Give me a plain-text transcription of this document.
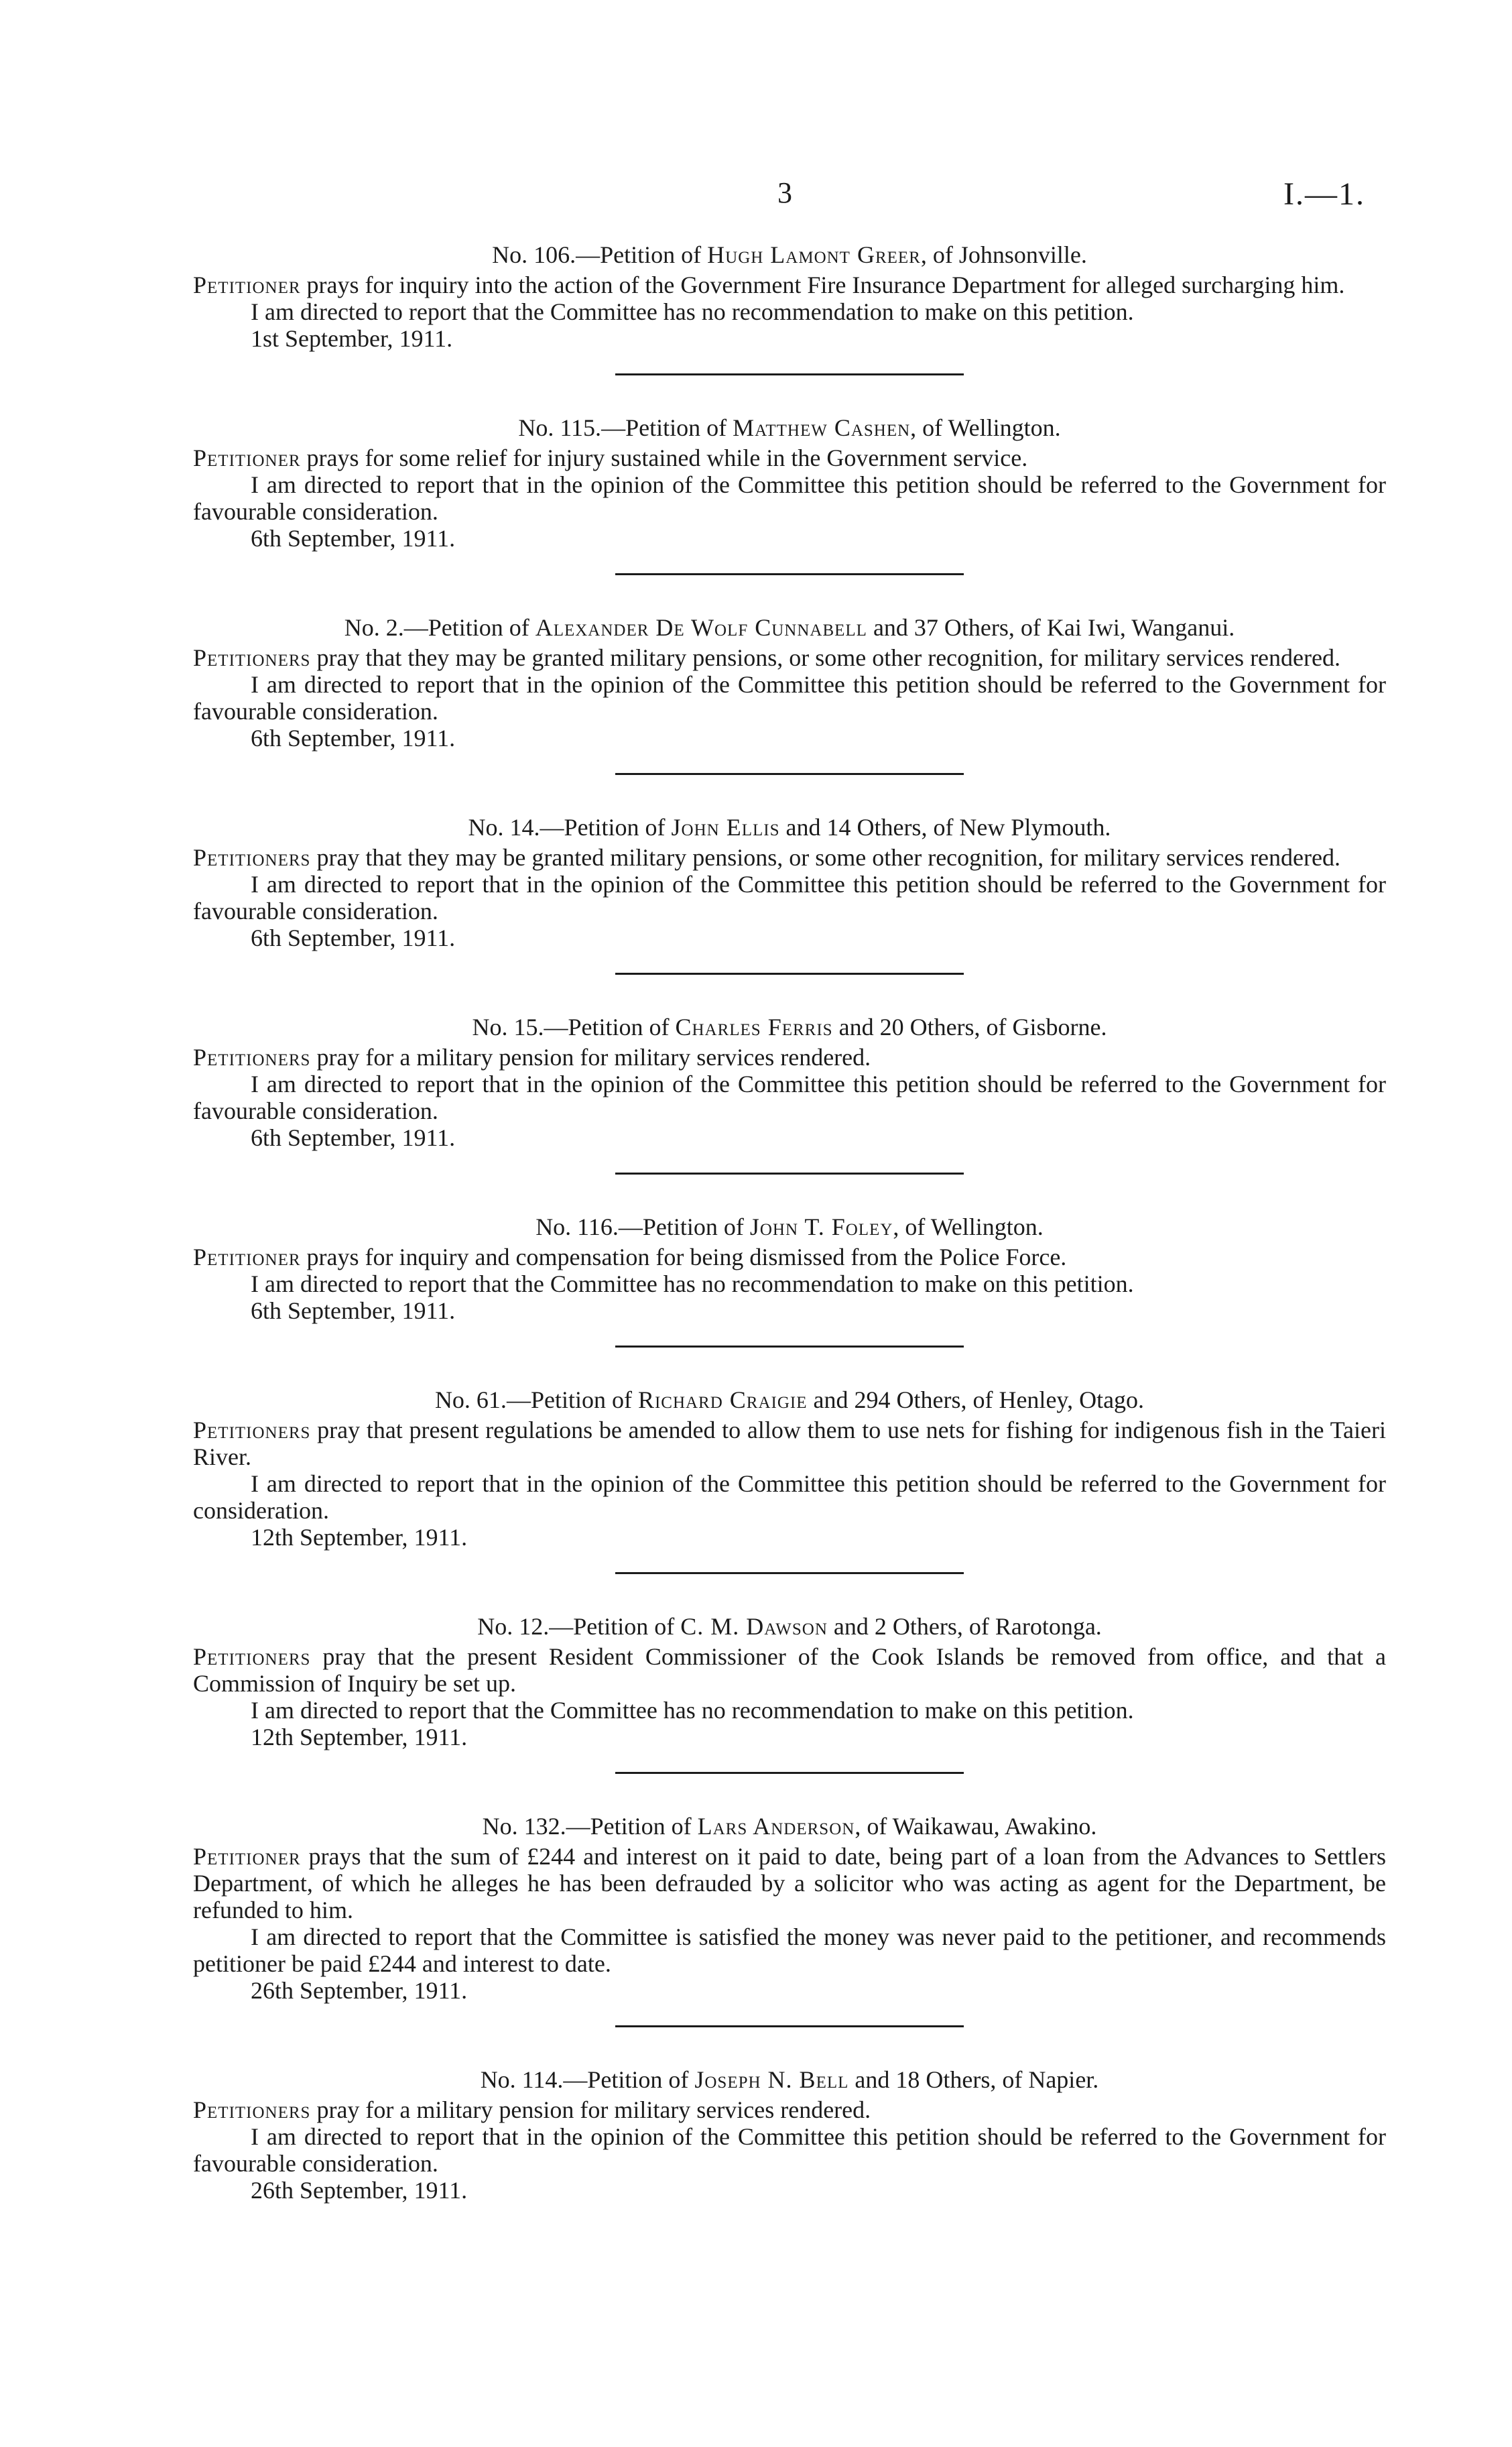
3	I.—1.

No. 106.—Petition of Hugh Lamont Greer, of Johnsonville.

Petitioner prays for inquiry into the action of the Government Fire Insurance Department for alleged surcharging him.

I am directed to report that the Committee has no recommendation to make on this petition.

1st September, 1911.

No. 115.—Petition of Matthew Cashen, of Wellington.

Petitioner prays for some relief for injury sustained while in the Government service.

I am directed to report that in the opinion of the Committee this petition should be referred to the Government for favourable consideration.

6th September, 1911.

No. 2.—Petition of Alexander De Wolf Cunnabell and 37 Others, of Kai Iwi, Wanganui.

Petitioners pray that they may be granted military pensions, or some other recognition, for military services rendered.

I am directed to report that in the opinion of the Committee this petition should be referred to the Government for favourable consideration.

6th September, 1911.

No. 14.—Petition of John Ellis and 14 Others, of New Plymouth.

Petitioners pray that they may be granted military pensions, or some other recognition, for military services rendered.

I am directed to report that in the opinion of the Committee this petition should be referred to the Government for favourable consideration.

6th September, 1911.

No. 15.—Petition of Charles Ferris and 20 Others, of Gisborne.

Petitioners pray for a military pension for military services rendered.

I am directed to report that in the opinion of the Committee this petition should be referred to the Government for favourable consideration.

6th September, 1911.

No. 116.—Petition of John T. Foley, of Wellington.

Petitioner prays for inquiry and compensation for being dismissed from the Police Force.

I am directed to report that the Committee has no recommendation to make on this petition.

6th September, 1911.

No. 61.—Petition of Richard Craigie and 294 Others, of Henley, Otago.

Petitioners pray that present regulations be amended to allow them to use nets for fishing for indigenous fish in the Taieri River.

I am directed to report that in the opinion of the Committee this petition should be referred to the Government for consideration.

12th September, 1911.

No. 12.—Petition of C. M. Dawson and 2 Others, of Rarotonga.

Petitioners pray that the present Resident Commissioner of the Cook Islands be removed from office, and that a Commission of Inquiry be set up.

I am directed to report that the Committee has no recommendation to make on this petition.

12th September, 1911.

No. 132.—Petition of Lars Anderson, of Waikawau, Awakino.

Petitioner prays that the sum of £244 and interest on it paid to date, being part of a loan from the Advances to Settlers Department, of which he alleges he has been defrauded by a solicitor who was acting as agent for the Department, be refunded to him.

I am directed to report that the Committee is satisfied the money was never paid to the petitioner, and recommends petitioner be paid £244 and interest to date.

26th September, 1911.

No. 114.—Petition of Joseph N. Bell and 18 Others, of Napier.

Petitioners pray for a military pension for military services rendered.

I am directed to report that in the opinion of the Committee this petition should be referred to the Government for favourable consideration.

26th September, 1911.
